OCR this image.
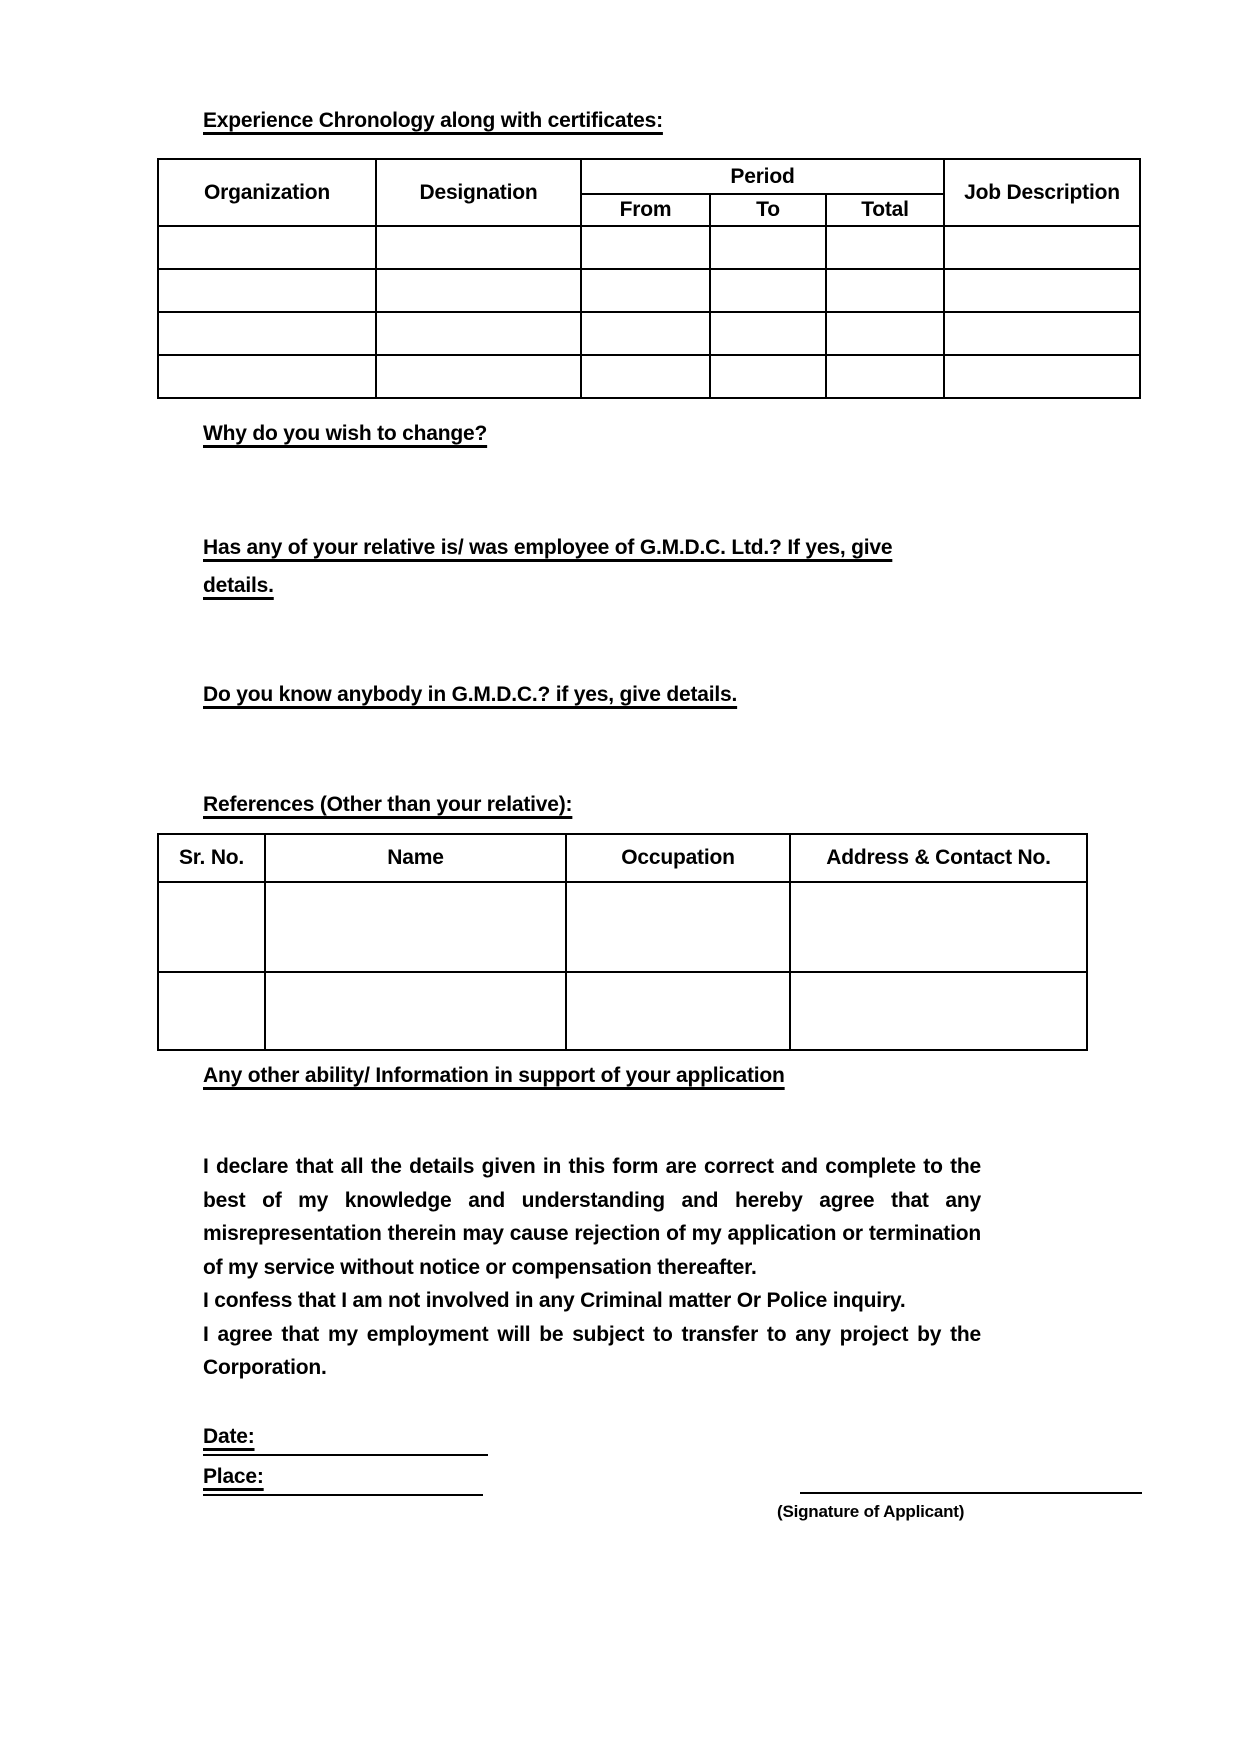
Experience Chronology along with certificates:
Organization	Designation	Period			Job Description
		From	To	Total	

Why do you wish to change?
Has any of your relative is/ was employee of G.M.D.C. Ltd.? If yes, give details.
Do you know anybody in G.M.D.C.? if yes, give details.
References (Other than your relative):
Sr. No.	Name	Occupation	Address & Contact No.

Any other ability/ Information in support of your application

I declare that all the details given in this form are correct and complete to the best of my knowledge and understanding and hereby agree that any misrepresentation therein may cause rejection of my application or termination of my service without notice or compensation thereafter.

I confess that I am not involved in any Criminal matter Or Police inquiry.

I agree that my employment will be subject to transfer to any project by the Corporation.

Date:
Place:
(Signature of Applicant)
